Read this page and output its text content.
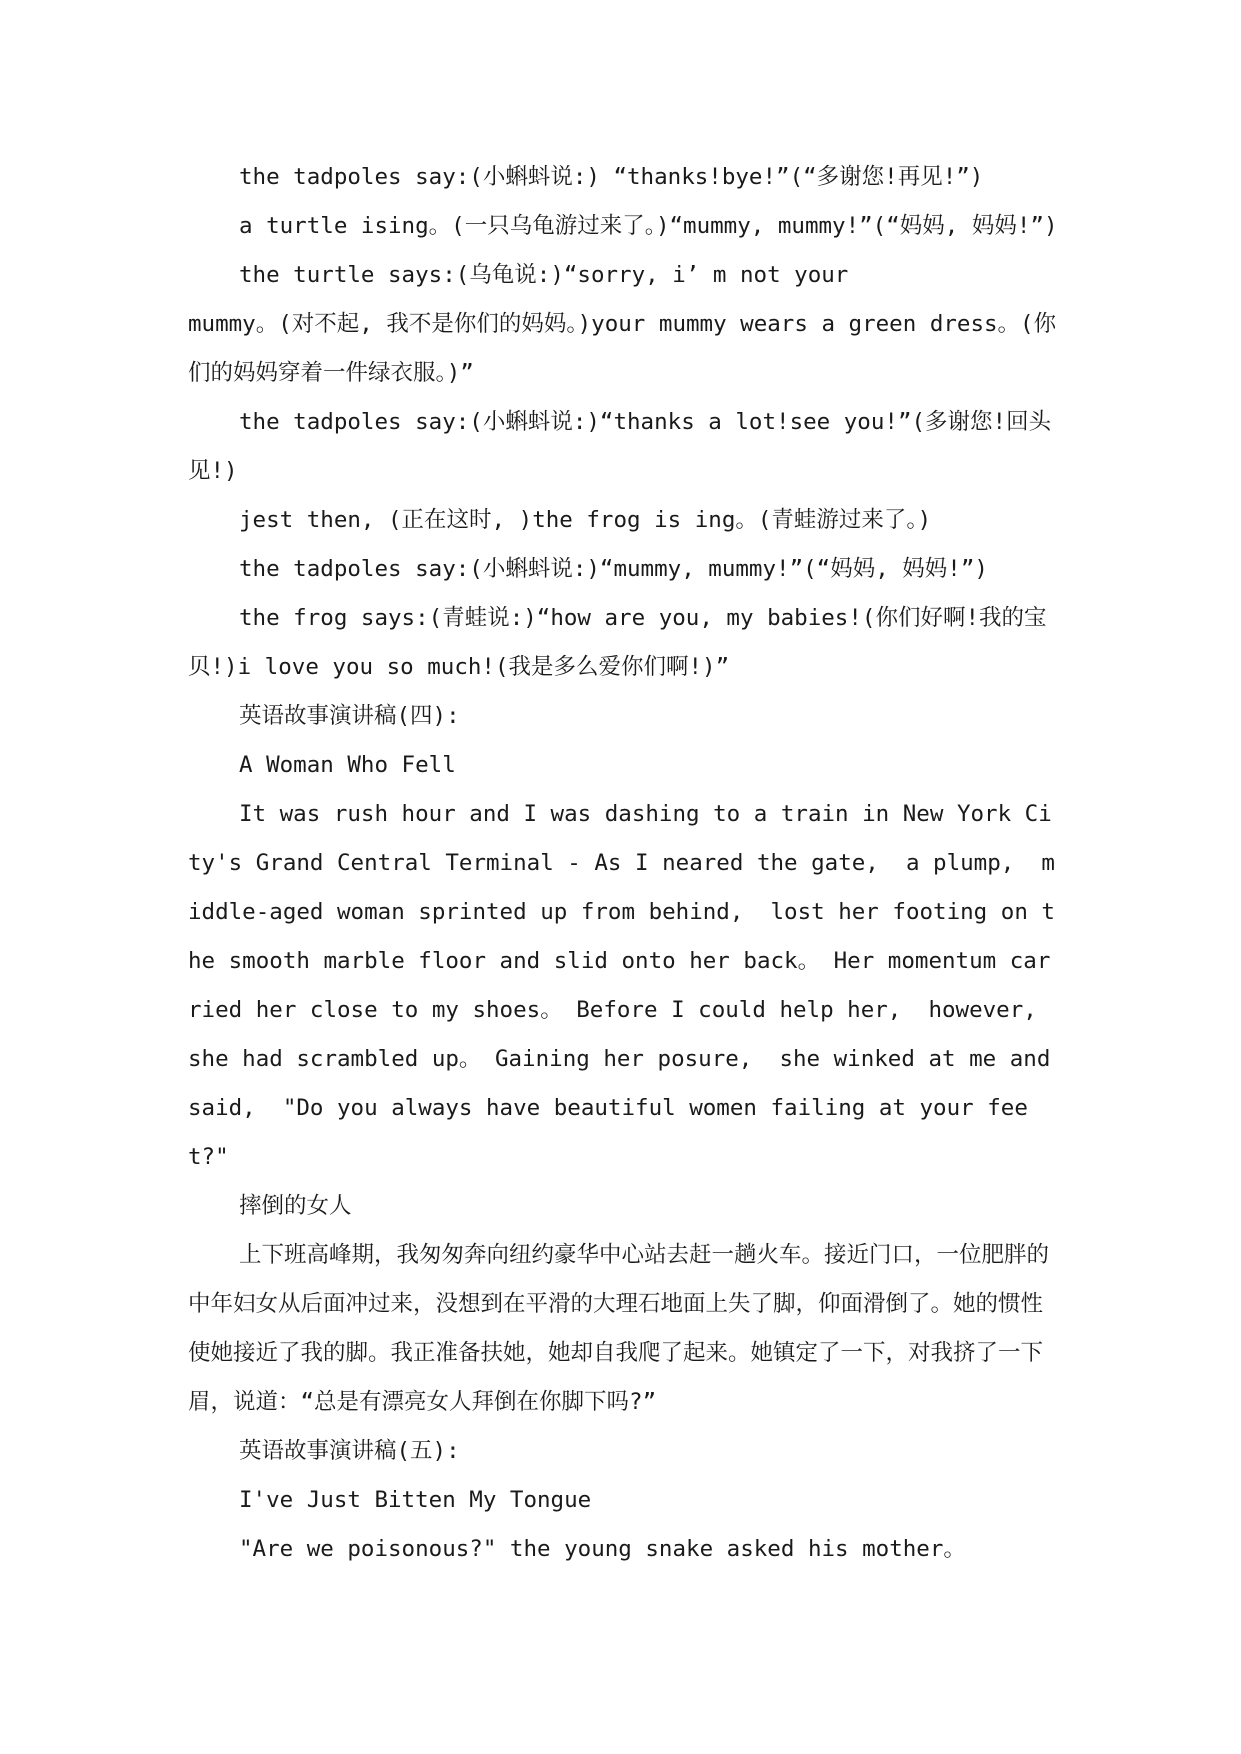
the tadpoles say:(小蝌蚪说:) “thanks!bye!”(“多谢您!再见!”)

a turtle ising。(一只乌龟游过来了。)“mummy, mummy!”(“妈妈, 妈妈!”)

the turtle says:(乌龟说:)“sorry, i’ m not your

mummy。(对不起, 我不是你们的妈妈。)your mummy wears a green dress。(你们的妈妈穿着一件绿衣服。)”

the tadpoles say:(小蝌蚪说:)“thanks a lot!see you!”(多谢您!回头见!)

jest then, (正在这时, )the frog is ing。(青蛙游过来了。)

the tadpoles say:(小蝌蚪说:)“mummy, mummy!”(“妈妈, 妈妈!”)

the frog says:(青蛙说:)“how are you, my babies!(你们好啊!我的宝贝!)i love you so much!(我是多么爱你们啊!)”

英语故事演讲稿(四):

A Woman Who Fell

It was rush hour and I was dashing to a train in New York City's Grand Central Terminal - As I neared the gate,  a plump,  middle-aged woman sprinted up from behind,  lost her footing on the smooth marble floor and slid onto her back。 Her momentum carried her close to my shoes。 Before I could help her,  however,  she had scrambled up。 Gaining her posure,  she winked at me and said,  "Do you always have beautiful women failing at your feet?"

摔倒的女人

上下班高峰期，我匆匆奔向纽约豪华中心站去赶一趟火车。接近门口，一位肥胖的中年妇女从后面冲过来，没想到在平滑的大理石地面上失了脚，仰面滑倒了。她的惯性使她接近了我的脚。我正准备扶她，她却自我爬了起来。她镇定了一下，对我挤了一下眉，说道：“总是有漂亮女人拜倒在你脚下吗?”

英语故事演讲稿(五):

I've Just Bitten My Tongue

"Are we poisonous?" the young snake asked his mother。
